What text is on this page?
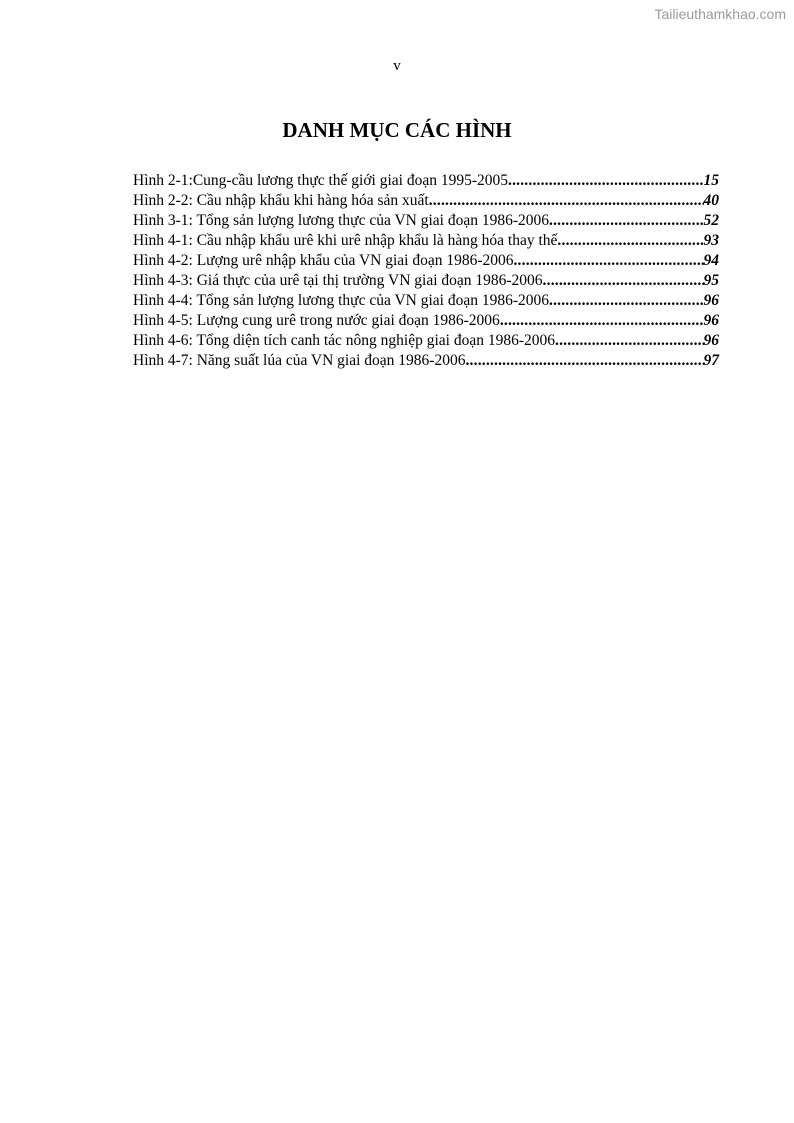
Tailieuthamkhao.com
v
DANH MỤC CÁC HÌNH
Hình 2-1:Cung-cầu lương thực thế giới giai đoạn 1995-2005 .....	15
Hình 2-2: Cầu nhập khẩu khi hàng hóa sản xuất .....	40
Hình 3-1: Tổng sản lượng lương thực của VN giai đoạn 1986-2006 .....	52
Hình 4-1: Cầu nhập khẩu urê khi urê nhập khẩu là hàng hóa thay thế .....	93
Hình 4-2: Lượng urê nhập khẩu của VN giai đoạn 1986-2006 .....	94
Hình 4-3: Giá thực của urê tại thị trường VN giai đoạn 1986-2006 .....	95
Hình 4-4: Tổng sản lượng lương thực của VN giai đoạn 1986-2006 .....	96
Hình 4-5: Lượng cung urê trong nước giai đoạn 1986-2006 .....	96
Hình 4-6: Tổng diện tích canh tác nông nghiệp giai đoạn 1986-2006 .....	96
Hình 4-7: Năng suất lúa của VN giai đoạn 1986-2006 .....	97
